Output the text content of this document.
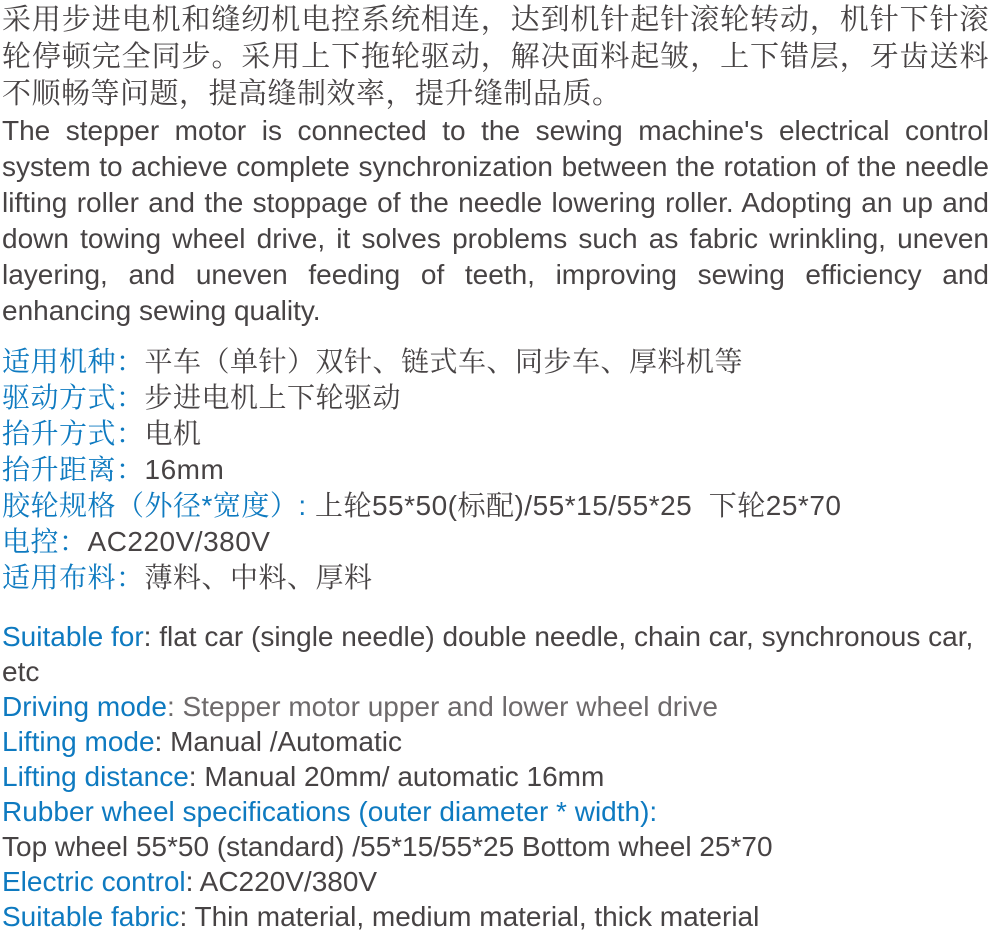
采用步进电机和缝纫机电控系统相连，达到机针起针滚轮转动，机针下针滚轮停顿完全同步。采用上下拖轮驱动，解决面料起皱，上下错层，牙齿送料不顺畅等问题，提高缝制效率，提升缝制品质。

The stepper motor is connected to the sewing machine's electrical control system to achieve complete synchronization between the rotation of the needle lifting roller and the stoppage of the needle lowering roller. Adopting an up and down towing wheel drive, it solves problems such as fabric wrinkling, uneven layering, and uneven feeding of teeth, improving sewing efficiency and enhancing sewing quality.

适用机种：平车（单针）双针、链式车、同步车、厚料机等
驱动方式：步进电机上下轮驱动
抬升方式：电机
抬升距离：16mm
胶轮规格（外径*宽度）: 上轮55*50(标配)/55*15/55*25  下轮25*70
电控：AC220V/380V
适用布料：薄料、中料、厚料
Suitable for: flat car (single needle) double needle, chain car, synchronous car, etc
Driving mode: Stepper motor upper and lower wheel drive
Lifting mode: Manual /Automatic
Lifting distance: Manual 20mm/ automatic 16mm
Rubber wheel specifications (outer diameter * width):
Top wheel 55*50 (standard) /55*15/55*25 Bottom wheel 25*70
Electric control: AC220V/380V
Suitable fabric: Thin material, medium material, thick material
